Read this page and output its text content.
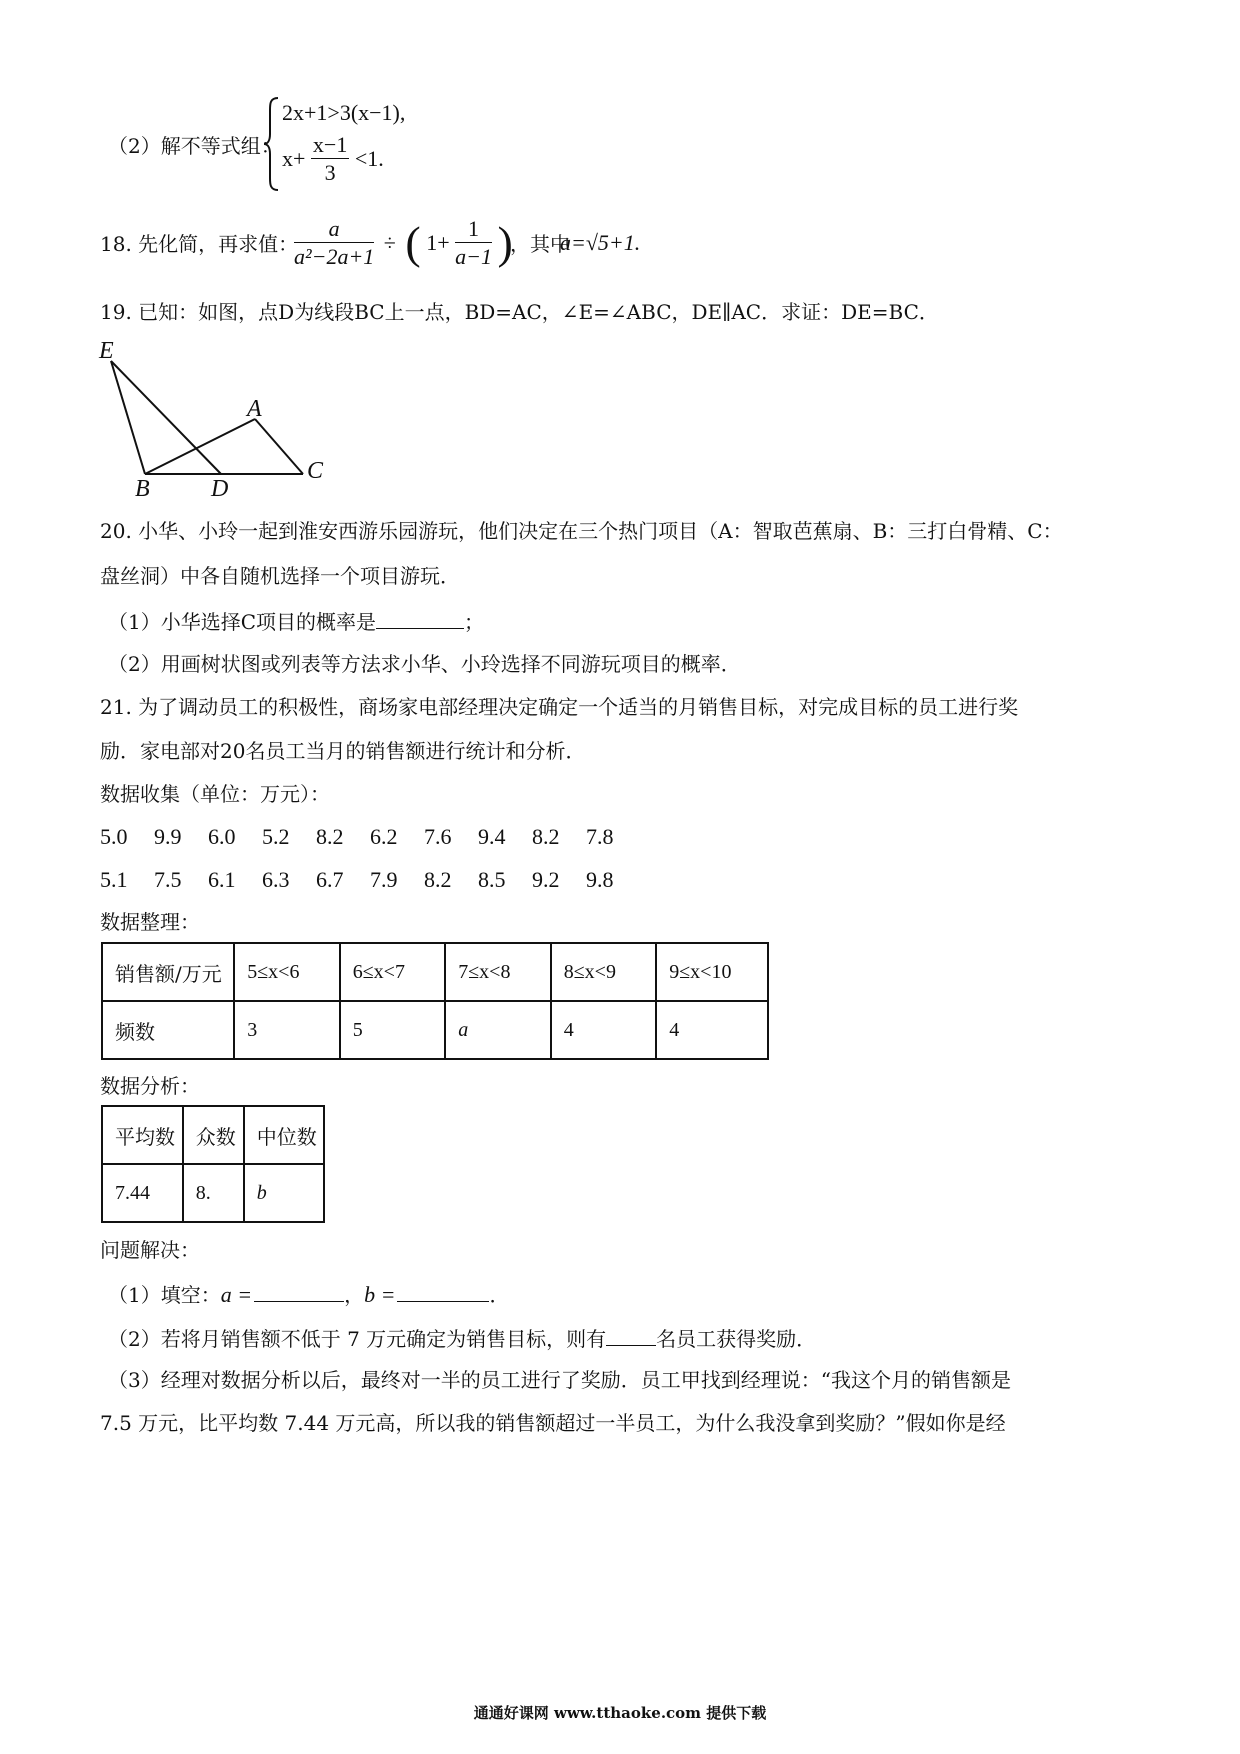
（2）解不等式组：
2x+1>3(x−1),
$x+ \frac{x-1}{3} <1$.
18. 先化简，再求值：
$\frac{a}{\text{a²−2a+1}}$ ÷ ( $1+ \frac{1}{a-1}$ )
，其中
a=√5+1.
19. 已知：如图，点D为线段BC上一点，BD=AC，∠E=∠ABC，DE∥AC．求证：DE=BC．
E
A
B	D
C
20. 小华、小玲一起到淮安西游乐园游玩，他们决定在三个热门项目（A：智取芭蕉扇、B：三打白骨精、C：
盘丝洞）中各自随机选择一个项目游玩．
（1）小华选择C项目的概率是	；
（2）用画树状图或列表等方法求小华、小玲选择不同游玩项目的概率．
21. 为了调动员工的积极性，商场家电部经理决定确定一个适当的月销售目标，对完成目标的员工进行奖
励．家电部对20名员工当月的销售额进行统计和分析．
数据收集（单位：万元）：
5.0 9.9 6.0 5.2 8.2 6.2 7.6 9.4 8.2 7.8
5.1 7.5 6.1 6.3 6.7 7.9 8.2 8.5 9.2 9.8
数据整理：
销售额/万元	5≤x<6	6≤x<7	7≤x<8	8≤x<9	9≤x<10
频数	3	5	a	4	4
数据分析：
平均数	众数	中位数
7.44	8.	b
问题解决：
（1）填空：a =	，b =	．
（2）若将月销售额不低于 7 万元确定为销售目标，则有	名员工获得奖励．
（3）经理对数据分析以后，最终对一半的员工进行了奖励．员工甲找到经理说：“我这个月的销售额是
7.5 万元，比平均数 7.44 万元高，所以我的销售额超过一半员工，为什么我没拿到奖励？”假如你是经
通通好课网 www.tthaoke.com 提供下载
